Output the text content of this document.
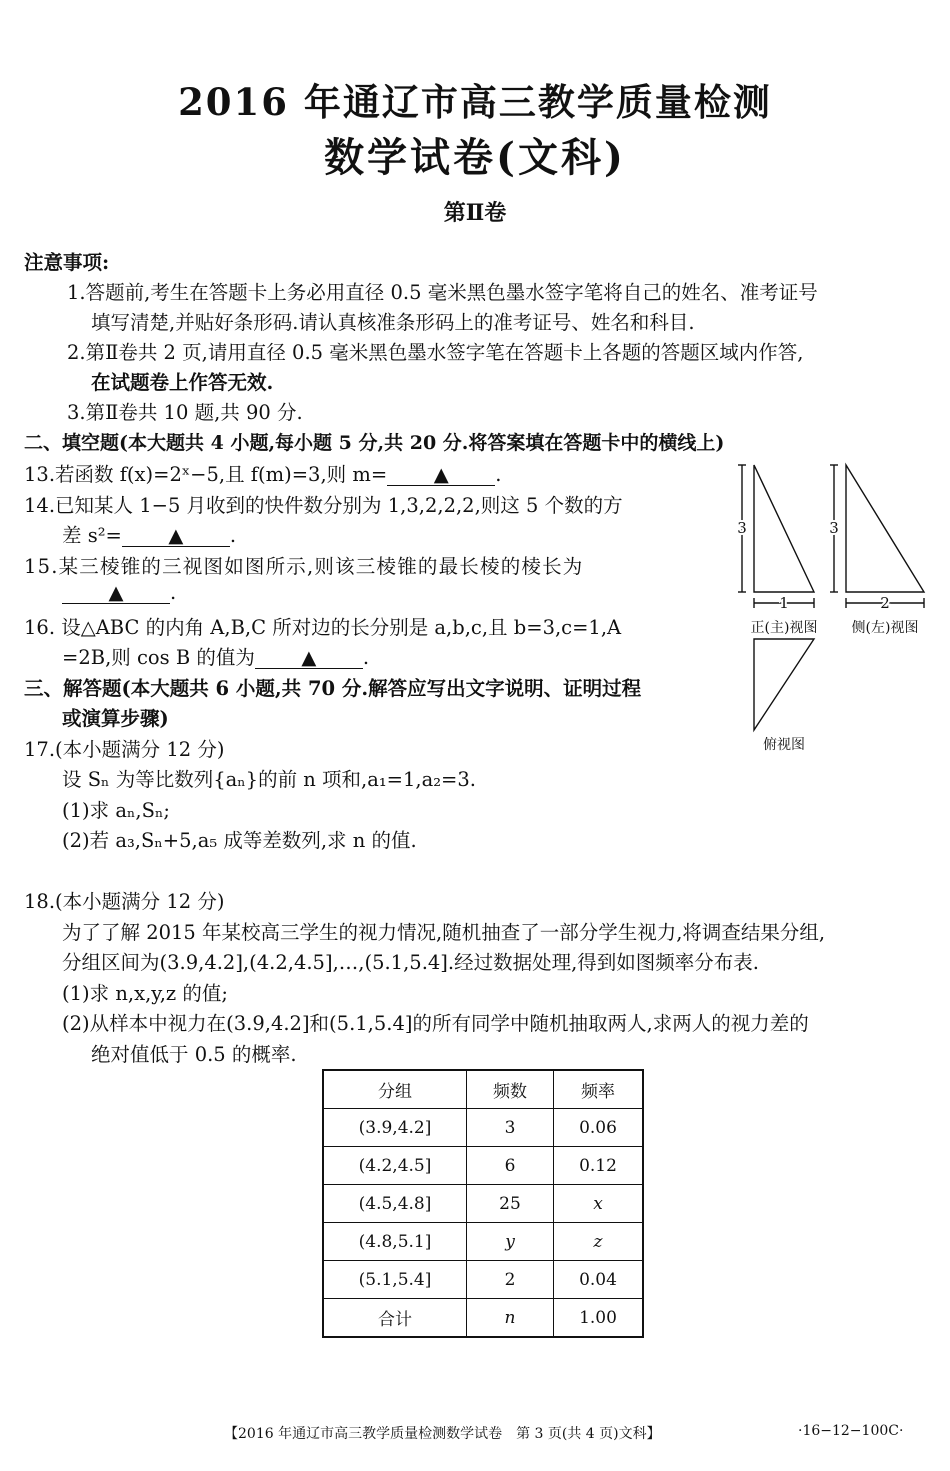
2016 年通辽市高三教学质量检测
数学试卷(文科)
第Ⅱ卷
注意事项:
1.答题前,考生在答题卡上务必用直径 0.5 毫米黑色墨水签字笔将自己的姓名、准考证号
填写清楚,并贴好条形码.请认真核准条形码上的准考证号、姓名和科目.
2.第Ⅱ卷共 2 页,请用直径 0.5 毫米黑色墨水签字笔在答题卡上各题的答题区域内作答,
在试题卷上作答无效.
3.第Ⅱ卷共 10 题,共 90 分.
二、填空题(本大题共 4 小题,每小题 5 分,共 20 分.将答案填在答题卡中的横线上)
13.若函数 f(x)=2ˣ−5,且 f(m)=3,则 m= ▲ .
14.已知某人 1−5 月收到的快件数分别为 1,3,2,2,2,则这 5 个数的方
差 s²= ▲ .
15.某三棱锥的三视图如图所示,则该三棱锥的最长棱的棱长为
▲ .
16. 设△ABC 的内角 A,B,C 所对边的长分别是 a,b,c,且 b=3,c=1,A
=2B,则 cos B 的值为 ▲ .
三、解答题(本大题共 6 小题,共 70 分.解答应写出文字说明、证明过程
或演算步骤)
17.(本小题满分 12 分)
设 Sₙ 为等比数列{aₙ}的前 n 项和,a₁=1,a₂=3.
(1)求 aₙ,Sₙ;
(2)若 a₃,Sₙ+5,a₅ 成等差数列,求 n 的值.
18.(本小题满分 12 分)
为了了解 2015 年某校高三学生的视力情况,随机抽查了一部分学生视力,将调查结果分组,
分组区间为(3.9,4.2],(4.2,4.5],…,(5.1,5.4].经过数据处理,得到如图频率分布表.
(1)求 n,x,y,z 的值;
(2)从样本中视力在(3.9,4.2]和(5.1,5.4]的所有同学中随机抽取两人,求两人的视力差的
绝对值低于 0.5 的概率.
3
1
正(主)视图
3
2
侧(左)视图
俯视图
分组	频数	频率
(3.9,4.2]	3	0.06
(4.2,4.5]	6	0.12
(4.5,4.8]	25	x
(4.8,5.1]	y	z
(5.1,5.4]	2	0.04
合计	n	1.00
【2016 年通辽市高三教学质量检测数学试卷　第 3 页(共 4 页)文科】	·16−12−100C·
